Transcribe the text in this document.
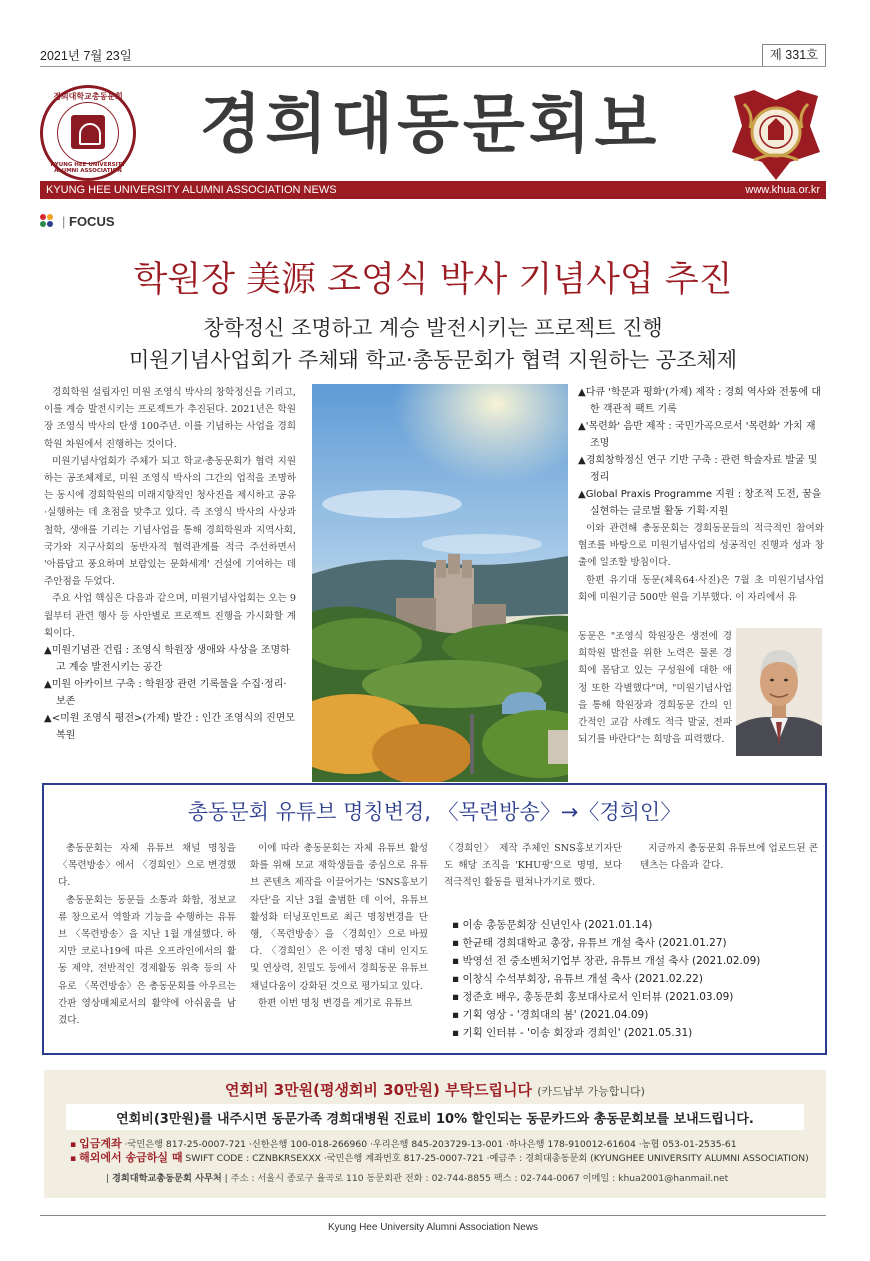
2021년 7월 23일	제 331호
경희대학교총동문회
KYUNG HEE UNIVERSITY ALUMNI ASSOCIATION
경희대동문회보
KYUNG HEE UNIVERSITY ALUMNI ASSOCIATION NEWS	www.khua.or.kr
| FOCUS
학원장 美源 조영식 박사 기념사업 추진
창학정신 조명하고 계승 발전시키는 프로젝트 진행
미원기념사업회가 주체돼 학교·총동문회가 협력 지원하는 공조체제

경희학원 설립자인 미원 조영식 박사의 창학정신을 기리고, 이를 계승 발전시키는 프로젝트가 추진된다. 2021년은 학원장 조영식 박사의 탄생 100주년. 이를 기념하는 사업을 경희학원 차원에서 진행하는 것이다.

미원기념사업회가 주체가 되고 학교·총동문회가 협력 지원하는 공조체제로, 미원 조영식 박사의 그간의 업적을 조명하는 동시에 경희학원의 미래지향적인 청사진을 제시하고 공유·실행하는 데 초점을 맞추고 있다. 즉 조영식 박사의 사상과 철학, 생애를 기리는 기념사업을 통해 경희학원과 지역사회, 국가와 지구사회의 동반자적 협력관계를 적극 주선하면서 '아름답고 풍요하며 보람있는 문화세계' 건설에 기여하는 데 주안점을 두었다.

주요 사업 핵심은 다음과 같으며, 미원기념사업회는 오는 9월부터 관련 행사 등 사안별로 프로젝트 진행을 가시화할 계획이다.

▲미원기념관 건립 : 조영식 학원장 생애와 사상을 조명하고 계승 발전시키는 공간
▲미원 아카이브 구축 : 학원장 관련 기록물을 수집·정리·보존
▲<미원 조영식 평전>(가제) 발간 : 인간 조영식의 진면모 복원
▲다큐 '학문과 평화'(가제) 제작 : 경희 역사와 전통에 대한 객관적 팩트 기록
▲'목련화' 음반 제작 : 국민가곡으로서 '목련화' 가치 재조명
▲경희창학정신 연구 기반 구축 : 관련 학술자료 발굴 및 정리
▲Global Praxis Programme 지원 : 창조적 도전, 꿈을 실현하는 글로벌 활동 기획·지원

이와 관련해 총동문회는 경희동문들의 적극적인 참여와 협조를 바탕으로 미원기념사업의 성공적인 진행과 성과 창출에 일조할 방침이다.

한편 유기대 동문(체육64·사진)은 7월 초 미원기념사업회에 미원기금 500만 원을 기부했다. 이 자리에서 유

동문은 "조영식 학원장은 생전에 경희학원 발전을 위한 노력은 물론 경희에 몸담고 있는 구성원에 대한 애정 또한 각별했다"며, "미원기념사업을 통해 학원장과 경희동문 간의 인간적인 교감 사례도 적극 발굴, 전파되기를 바란다"는 희망을 피력했다.

총동문회 유튜브 명칭변경, 〈목련방송〉→〈경희인〉

총동문회는 자체 유튜브 채널 명칭을 〈목련방송〉에서 〈경희인〉으로 변경했다.

총동문회는 동문들 소통과 화합, 정보교류 창으로서 역할과 기능을 수행하는 유튜브 〈목련방송〉을 지난 1월 개설했다. 하지만 코로나19에 따른 오프라인에서의 활동 제약, 전반적인 경제활동 위축 등의 사유로 〈목련방송〉은 총동문회를 아우르는 간판 영상매체로서의 활약에 아쉬움을 남겼다.

이에 따라 총동문회는 자체 유튜브 활성화를 위해 모교 재학생들을 중심으로 유튜브 콘텐츠 제작을 이끌어가는 'SNS홍보기자단'을 지난 3월 출범한 데 이어, 유튜브 활성화 터닝포인트로 최근 명칭변경을 단행, 〈목련방송〉을 〈경희인〉으로 바꿨다. 〈경희인〉은 이전 명칭 대비 인지도 및 연상력, 친밀도 등에서 경희동문 유튜브 채널다움이 강화된 것으로 평가되고 있다.

한편 이번 명칭 변경을 계기로 유튜브

〈경희인〉 제작 주체인 SNS홍보기자단도 해당 조직을 'KHU팡'으로 명명, 보다 적극적인 활동을 펼쳐나가기로 했다.

지금까지 총동문회 유튜브에 업로드된 콘텐츠는 다음과 같다.

▪ 이송 총동문회장 신년인사 (2021.01.14)
▪ 한균태 경희대학교 총장, 유튜브 개설 축사 (2021.01.27)
▪ 박영선 전 중소벤처기업부 장관, 유튜브 개설 축사 (2021.02.09)
▪ 이창식 수석부회장, 유튜브 개설 축사 (2021.02.22)
▪ 정준호 배우, 총동문회 홍보대사로서 인터뷰 (2021.03.09)
▪ 기획 영상 - '경희대의 봄' (2021.04.09)
▪ 기획 인터뷰 - '이송 회장과 경희인' (2021.05.31)
연회비 3만원(평생회비 30만원) 부탁드립니다 (카드납부 가능합니다)
연회비(3만원)를 내주시면 동문가족 경희대병원 진료비 10% 할인되는 동문카드와 총동문회보를 보내드립니다.
▪ 입금계좌 ·국민은행 817-25-0007-721 ·신한은행 100-018-266960 ·우리은행 845-203729-13-001 ·하나은행 178-910012-61604 ·농협 053-01-2535-61
▪ 해외에서 송금하실 때 SWIFT CODE : CZNBKRSEXXX ·국민은행 계좌번호 817-25-0007-721 ·예금주 : 경희대총동문회 (KYUNGHEE UNIVERSITY ALUMNI ASSOCIATION)
| 경희대학교총동문회 사무처 | 주소 : 서울시 종로구 율곡로 110 동문회관 전화 : 02-744-8855 팩스 : 02-744-0067 이메일 : khua2001@hanmail.net
Kyung Hee University Alumni Association News
